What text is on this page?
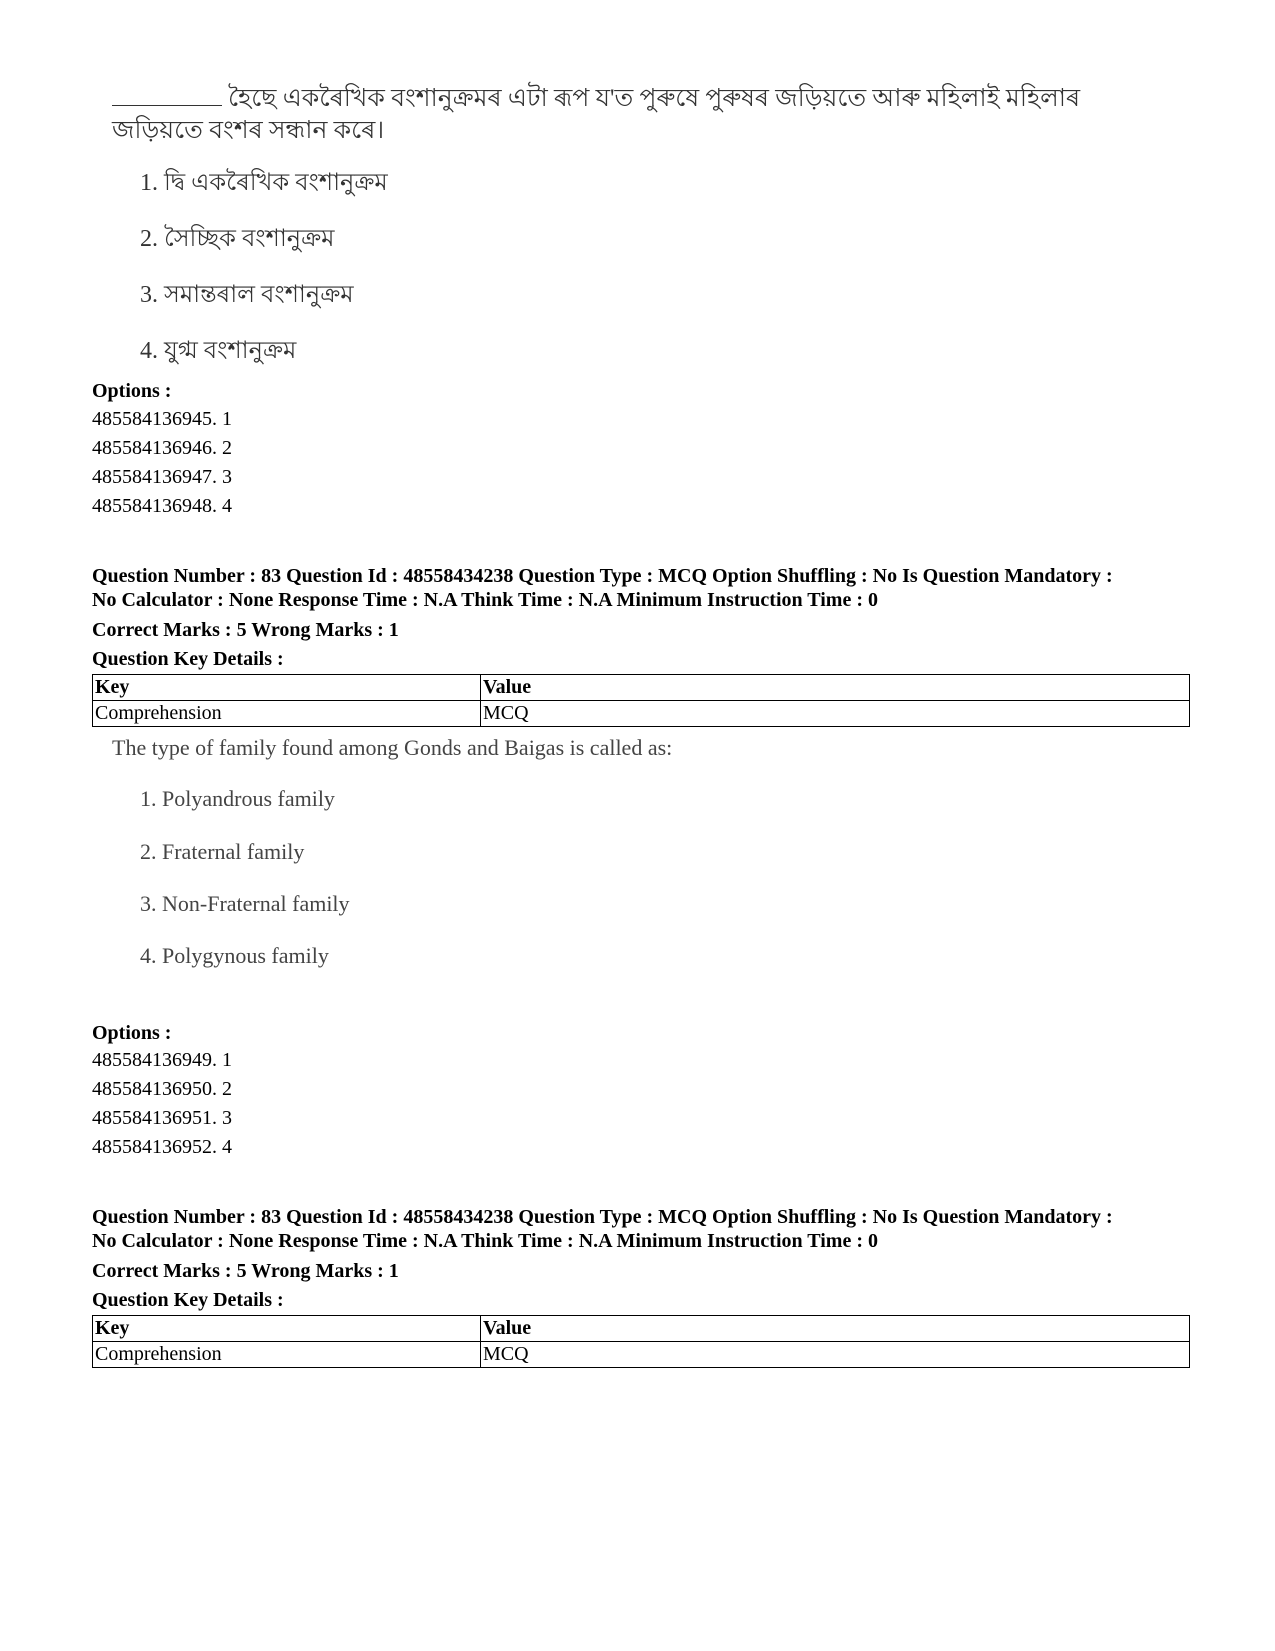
হৈছে একৰৈখিক বংশানুক্ৰমৰ এটা ৰূপ য'ত পুৰুষে পুৰুষৰ জড়িয়তে আৰু মহিলাই মহিলাৰ
জড়িয়তে বংশৰ সন্ধান কৰে।
1. দ্বি একৰৈখিক বংশানুক্ৰম
2. সৈচ্ছিক বংশানুক্ৰম
3. সমান্তৰাল বংশানুক্ৰম
4. যুগ্ম বংশানুক্ৰম
Options :
485584136945. 1
485584136946. 2
485584136947. 3
485584136948. 4
Question Number : 83 Question Id : 48558434238 Question Type : MCQ Option Shuffling : No Is Question Mandatory :
No Calculator : None Response Time : N.A Think Time : N.A Minimum Instruction Time : 0
Correct Marks : 5 Wrong Marks : 1
Question Key Details :
Key	Value
Comprehension	MCQ
The type of family found among Gonds and Baigas is called as:
1. Polyandrous family
2. Fraternal family
3. Non-Fraternal family
4. Polygynous family
Options :
485584136949. 1
485584136950. 2
485584136951. 3
485584136952. 4
Question Number : 83 Question Id : 48558434238 Question Type : MCQ Option Shuffling : No Is Question Mandatory :
No Calculator : None Response Time : N.A Think Time : N.A Minimum Instruction Time : 0
Correct Marks : 5 Wrong Marks : 1
Question Key Details :
Key	Value
Comprehension	MCQ
